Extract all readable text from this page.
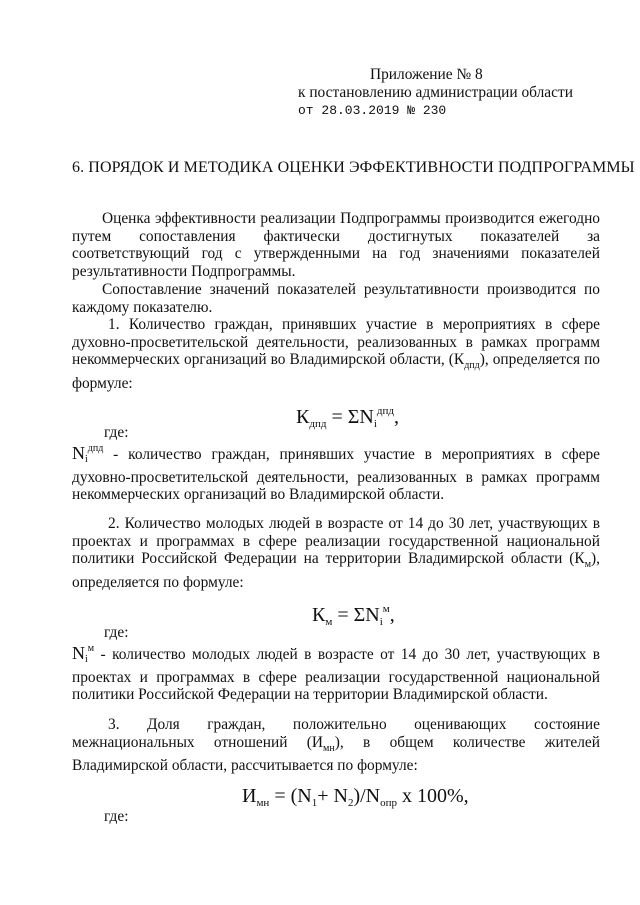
Приложение № 8
к постановлению администрации области
от 28.03.2019 № 230
6. ПОРЯДОК И МЕТОДИКА ОЦЕНКИ ЭФФЕКТИВНОСТИ ПОДПРОГРАММЫ
Оценка эффективности реализации Подпрограммы производится ежегодно путем сопоставления фактически достигнутых показателей за соответствующий год с утвержденными на год значениями показателей результативности Подпрограммы.
Сопоставление значений показателей результативности производится по каждому показателю.
1. Количество граждан, принявших участие в мероприятиях в сфере духовно-просветительской деятельности, реализованных в рамках программ некоммерческих организаций во Владимирской области, $(К_{дпд})$, определяется по формуле:
$К_{дпд} = \Sigma N_i^{дпд}$,
где:
$N_i^{дпд}$ - количество граждан, принявших участие в мероприятиях в сфере духовно-просветительской деятельности, реализованных в рамках программ некоммерческих организаций во Владимирской области.
2. Количество молодых людей в возрасте от 14 до 30 лет, участвующих в проектах и программах в сфере реализации государственной национальной политики Российской Федерации на территории Владимирской области $(К_м)$, определяется по формуле:
$К_м = \Sigma N_i^м$,
где:
$N_i^м$ - количество молодых людей в возрасте от 14 до 30 лет, участвующих в проектах и программах в сфере реализации государственной национальной политики Российской Федерации на территории Владимирской области.
3. Доля граждан, положительно оценивающих состояние межнациональных отношений $(И_{мн})$, в общем количестве жителей Владимирской области, рассчитывается по формуле:
$И_{мн} = (N_1+ N_2)/N_{опр}$ x 100%,
где:
